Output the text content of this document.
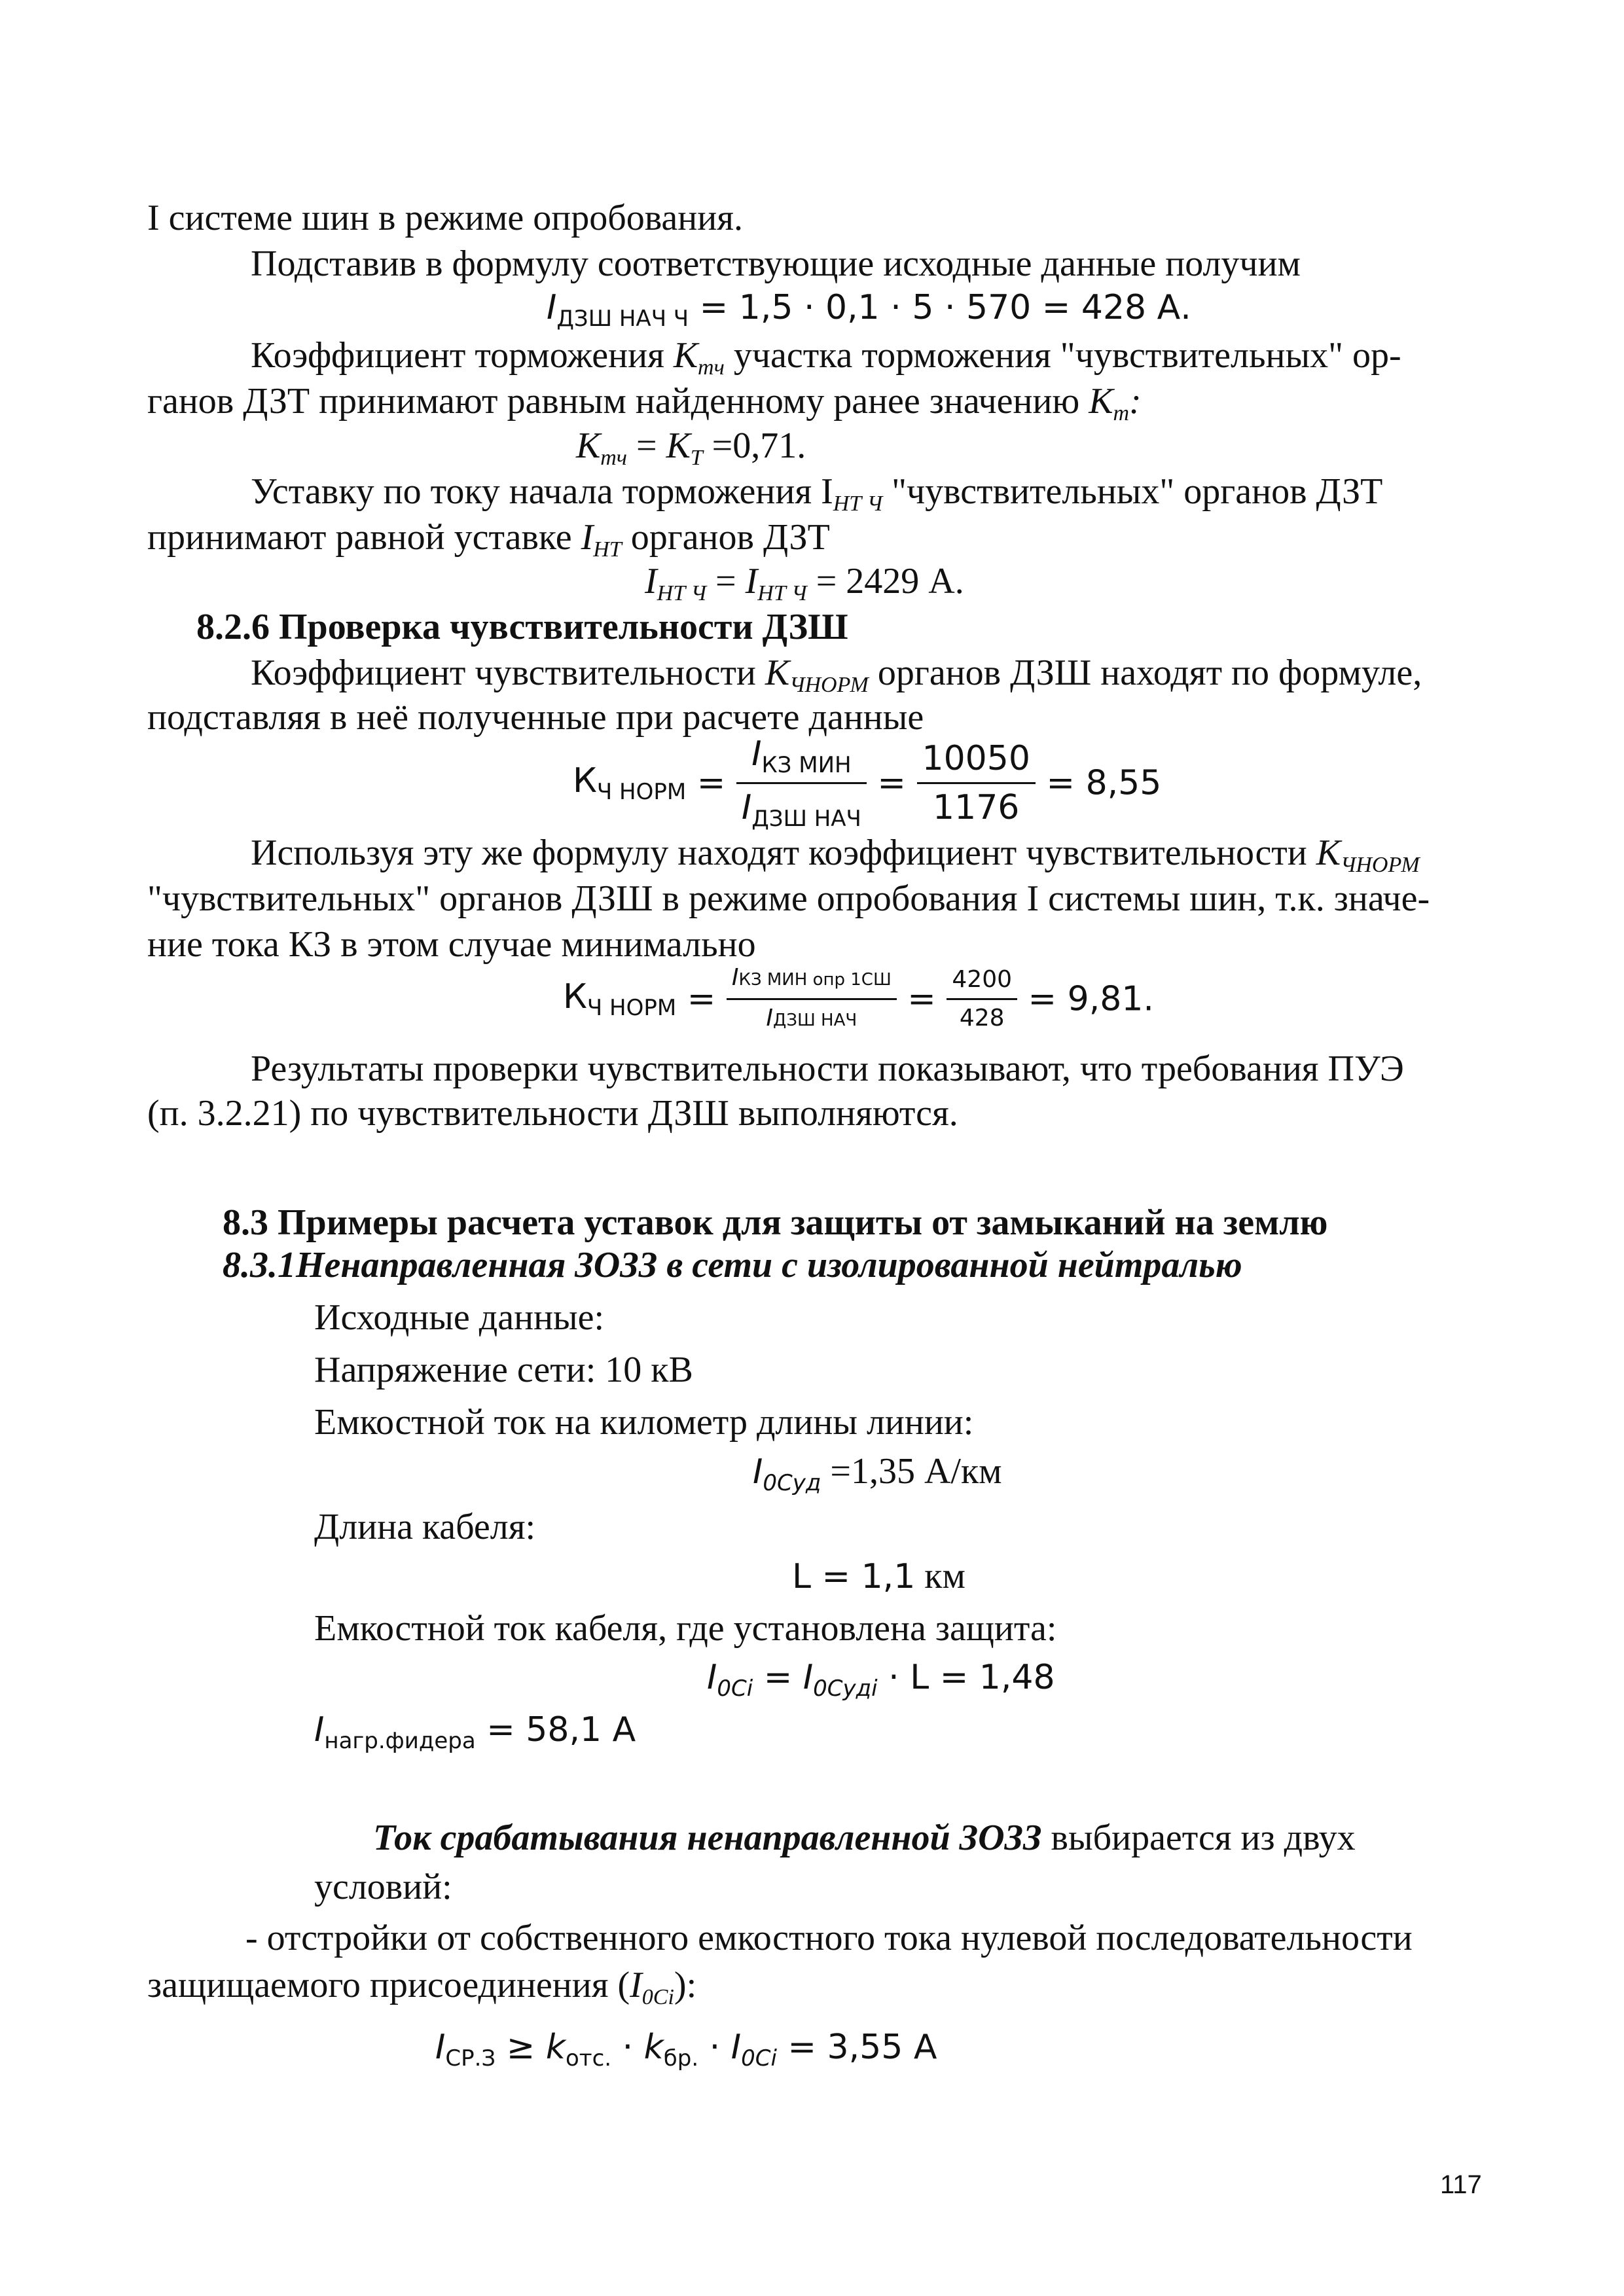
I системе шин в режиме опробования.
Подставив в формулу соответствующие исходные данные получим
$I_{ДЗШ НАЧ Ч} = 1,5 \cdot 0,1 \cdot 5 \cdot 570 = 428$ А.
Коэффициент торможения Ктч участка торможения "чувствительных" ор-
ганов ДЗТ принимают равным найденному ранее значению Кт:
Ктч = КТ =0,71.
Уставку по току начала торможения IНТ Ч "чувствительных" органов ДЗТ
принимают равной уставке IНТ органов ДЗТ
IНТ Ч = IНТ Ч = 2429 А.
8.2.6 Проверка чувствительности ДЗШ
Коэффициент чувствительности КЧНОРМ органов ДЗШ находят по формуле,
подставляя в неё полученные при расчете данные
$К_{Ч НОРМ} = \frac{I_{КЗ МИН}}{I_{ДЗШ НАЧ}} = \frac{10050}{1176} = 8,55$
Используя эту же формулу находят коэффициент чувствительности КЧНОРМ
"чувствительных" органов ДЗШ в режиме опробования I системы шин, т.к. значе-
ние тока КЗ в этом случае минимально
$К_{Ч НОРМ} = \frac{\text{IКЗ МИН опр 1СШ}}{\text{IДЗШ НАЧ}} = \frac{4200}{428} = 9,81$.
Результаты проверки чувствительности показывают, что требования ПУЭ
(п. 3.2.21) по чувствительности ДЗШ выполняются.
8.3 Примеры расчета уставок для защиты от замыканий на землю
8.3.1Ненаправленная ЗОЗЗ в сети с изолированной нейтралью
Исходные данные:
Напряжение сети: 10 кВ
Емкостной ток на километр длины линии:
I0Cуд =1,35 А/км
Длина кабеля:
L = 1,1 км
Емкостной ток кабеля, где установлена защита:
$I_{0Ci} = I_{0Cудi} \cdot L = 1,48$
$I_{нагр.фидера} = 58,1$ А
Ток срабатывания ненаправленной ЗОЗЗ выбирается из двух
условий:
- отстройки от собственного емкостного тока нулевой последовательности
защищаемого присоединения (I0Ci):
$I_{СР.З} \ge k_{отс.} \cdot k_{бр.} \cdot I_{0Ci} = 3,55$ А
117
